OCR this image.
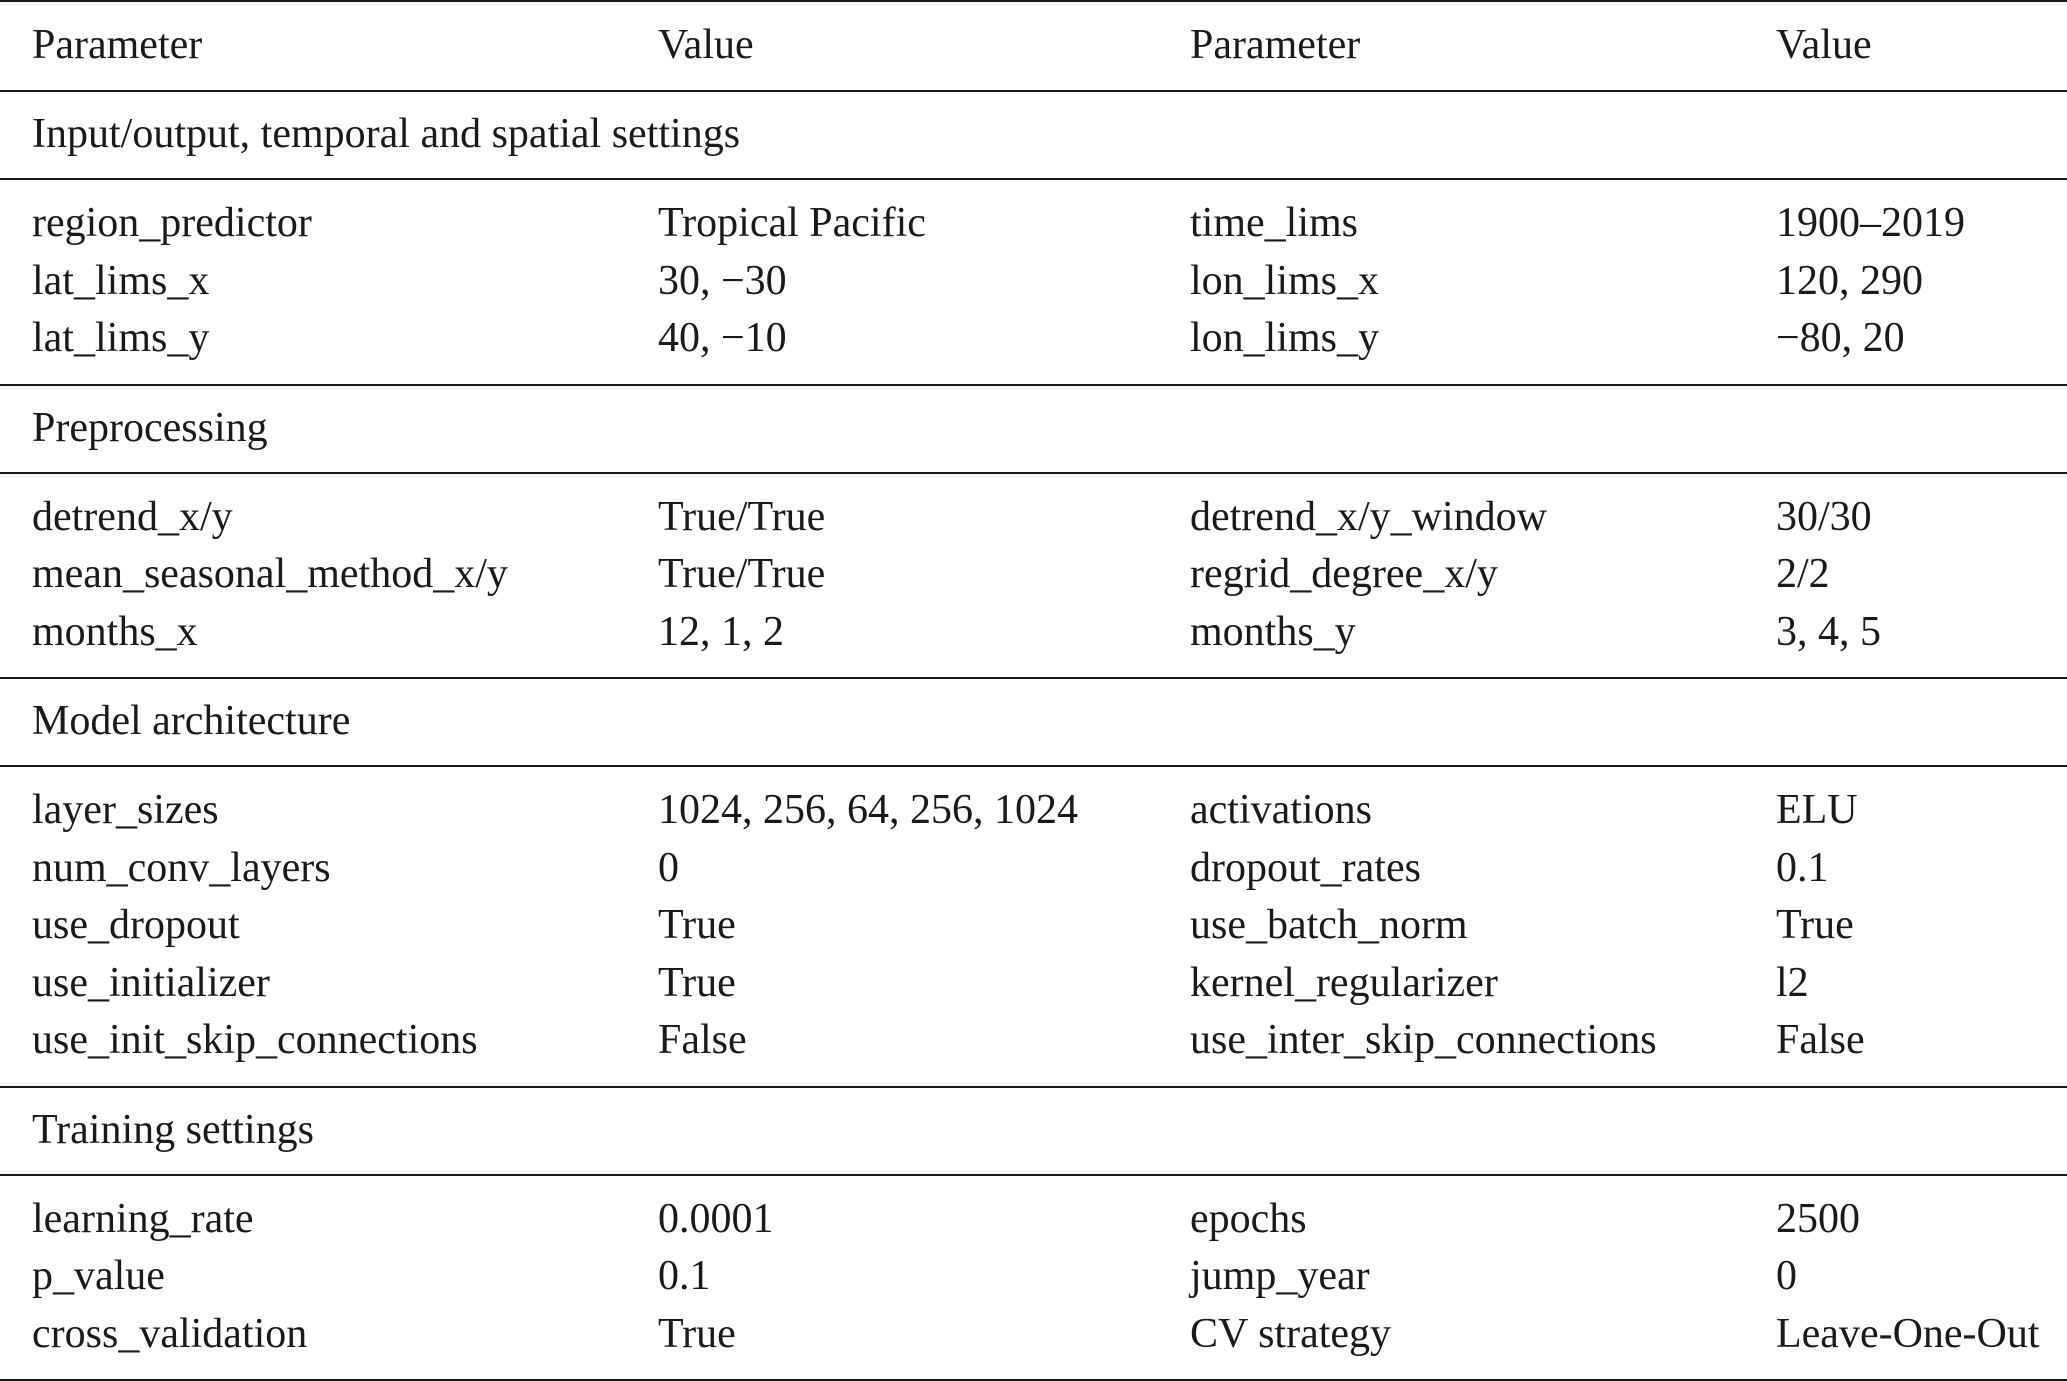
Parameter	Value	Parameter	Value
Input/output, temporal and spatial settings			
region_predictor	Tropical Pacific	time_lims	1900–2019
lat_lims_x	30, −30	lon_lims_x	120, 290
lat_lims_y	40, −10	lon_lims_y	−80, 20
Preprocessing			
detrend_x/y	True/True	detrend_x/y_window	30/30
mean_seasonal_method_x/y	True/True	regrid_degree_x/y	2/2
months_x	12, 1, 2	months_y	3, 4, 5
Model architecture			
layer_sizes	1024, 256, 64, 256, 1024	activations	ELU
num_conv_layers	0	dropout_rates	0.1
use_dropout	True	use_batch_norm	True
use_initializer	True	kernel_regularizer	l2
use_init_skip_connections	False	use_inter_skip_connections	False
Training settings			
learning_rate	0.0001	epochs	2500
p_value	0.1	jump_year	0
cross_validation	True	CV strategy	Leave-One-Out
